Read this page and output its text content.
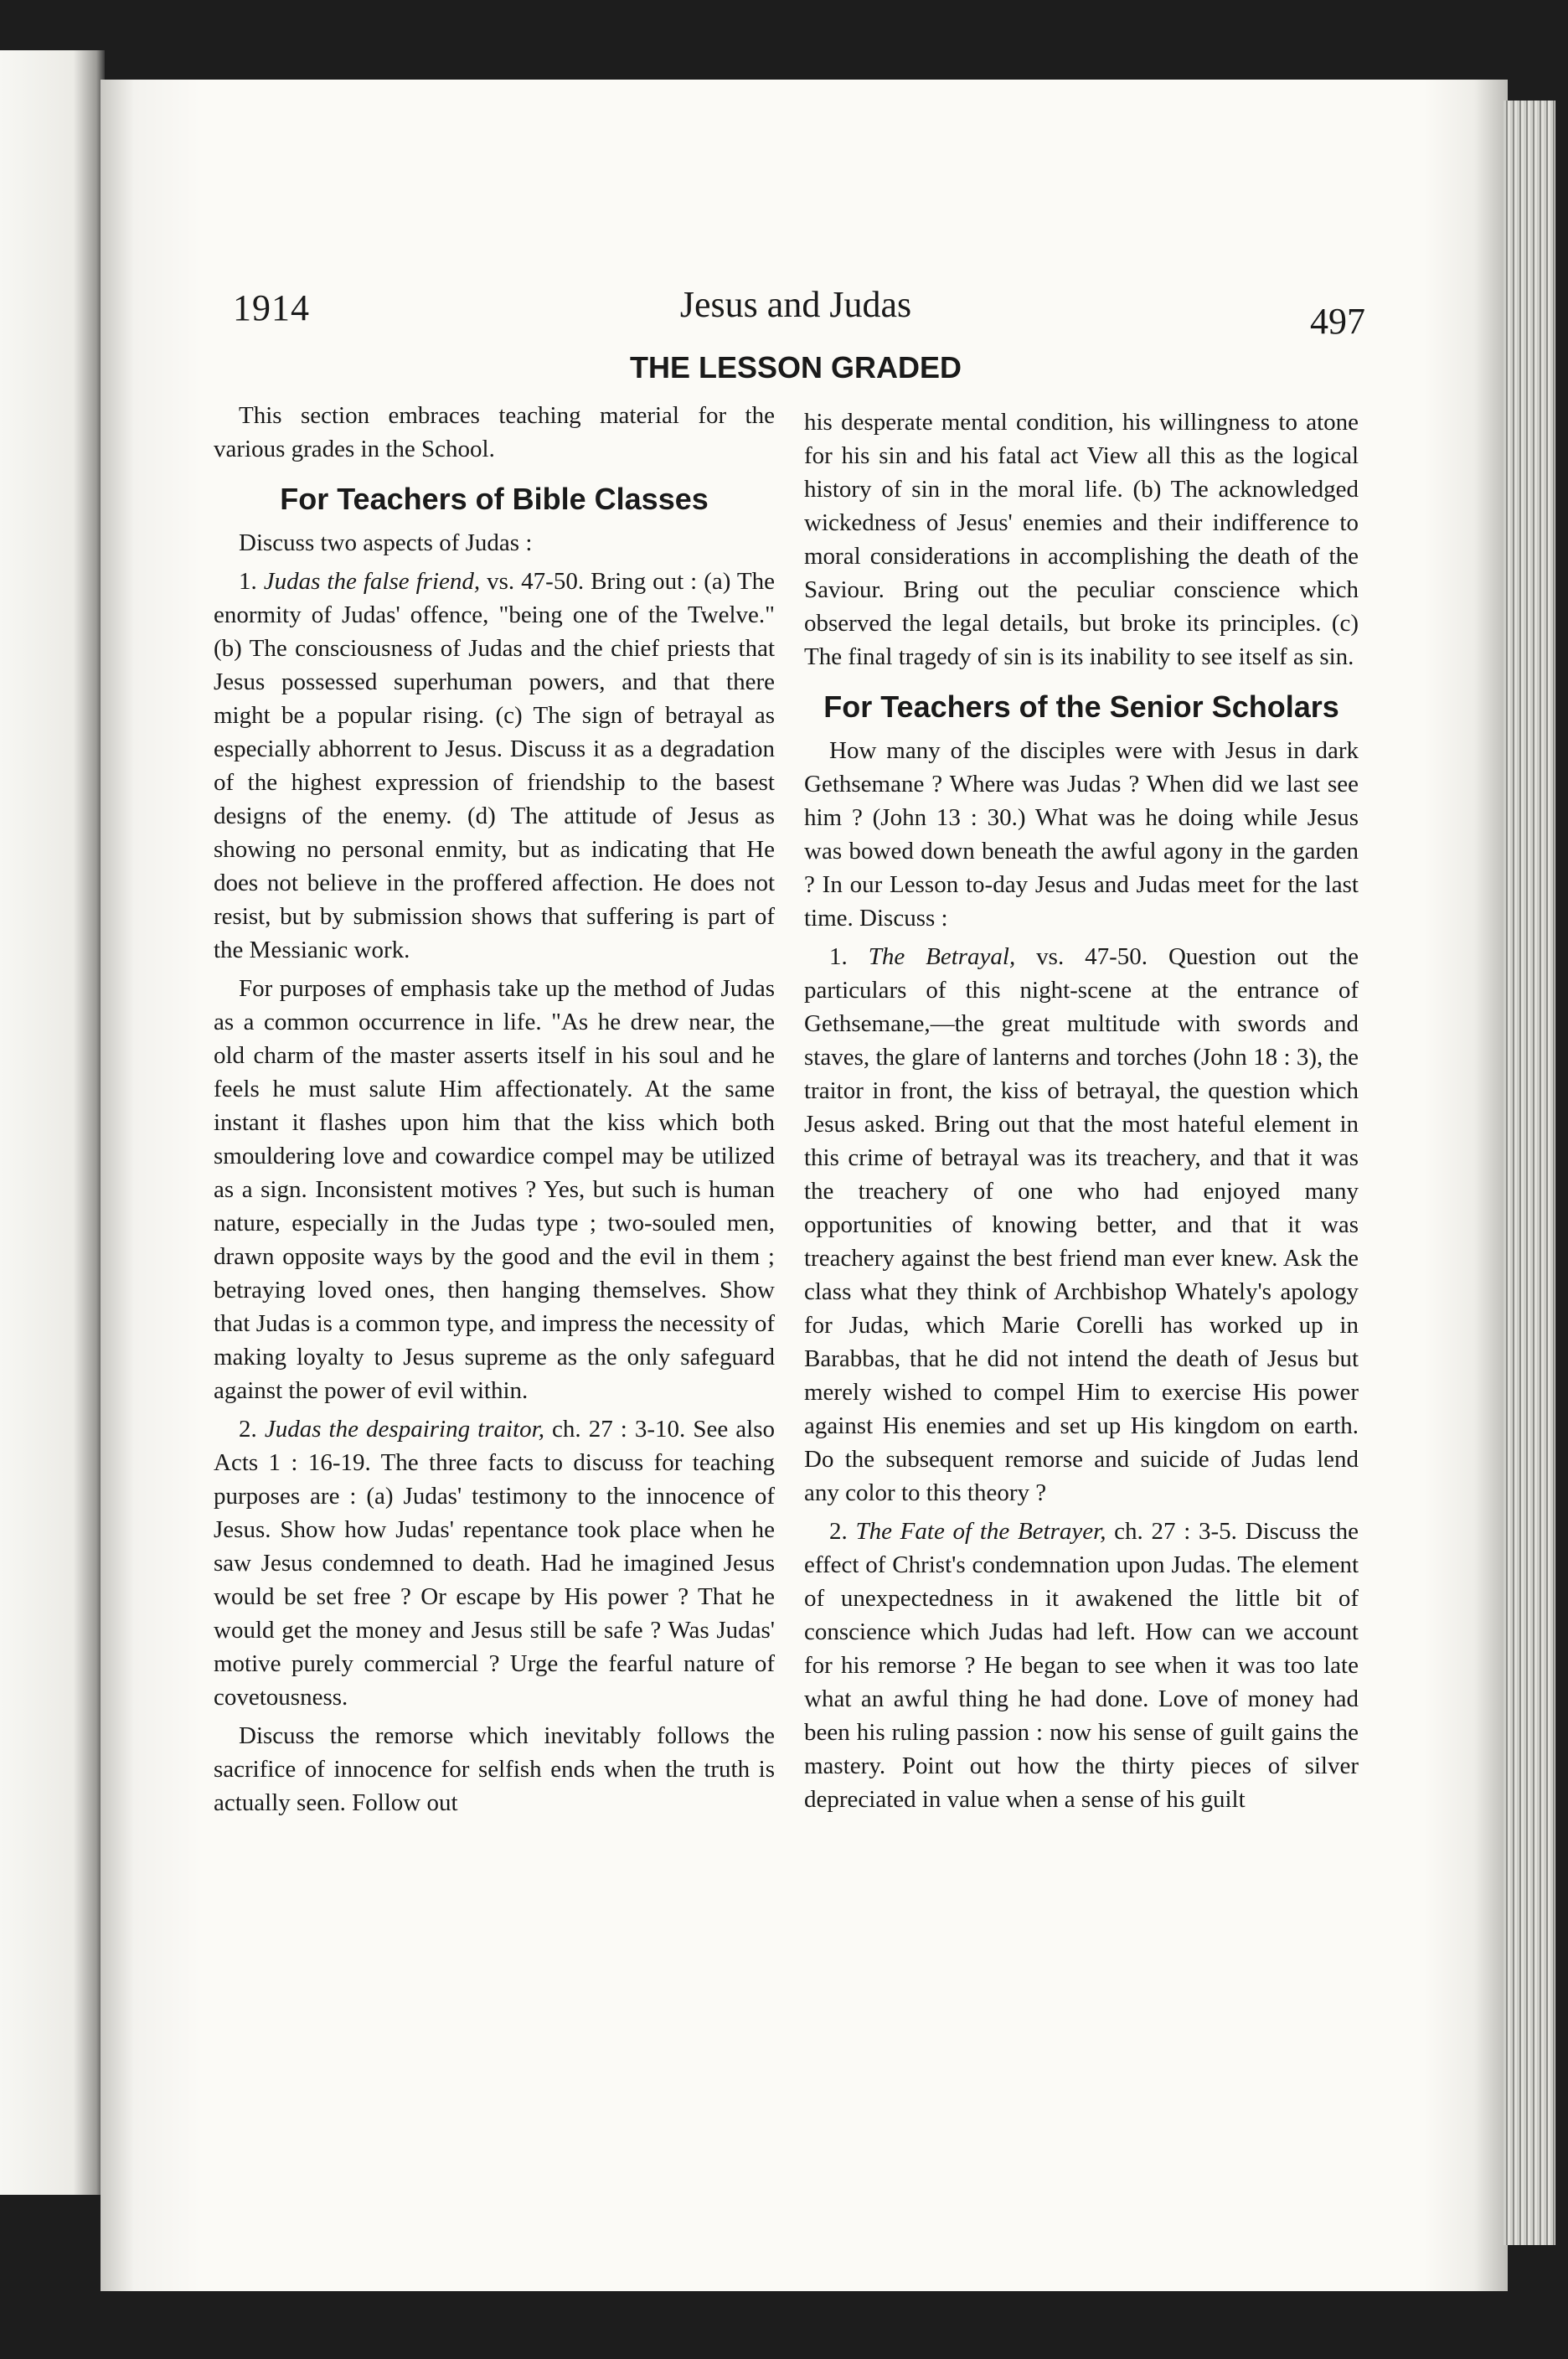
1914	Jesus and Judas	497
THE LESSON GRADED

This section embraces teaching material for the various grades in the School.

For Teachers of Bible Classes

Discuss two aspects of Judas :

1. Judas the false friend, vs. 47-50. Bring out : (a) The enormity of Judas' offence, "being one of the Twelve." (b) The consciousness of Judas and the chief priests that Jesus possessed superhuman powers, and that there might be a popular rising. (c) The sign of betrayal as especially abhorrent to Jesus. Discuss it as a degradation of the highest expression of friendship to the basest designs of the enemy. (d) The attitude of Jesus as showing no personal enmity, but as indicating that He does not believe in the proffered affection. He does not resist, but by submission shows that suffering is part of the Messianic work.

For purposes of emphasis take up the method of Judas as a common occurrence in life. "As he drew near, the old charm of the master asserts itself in his soul and he feels he must salute Him affectionately. At the same instant it flashes upon him that the kiss which both smouldering love and cowardice compel may be utilized as a sign. Inconsistent motives ? Yes, but such is human nature, especially in the Judas type ; two-souled men, drawn opposite ways by the good and the evil in them ; betraying loved ones, then hanging themselves. Show that Judas is a common type, and impress the necessity of making loyalty to Jesus supreme as the only safeguard against the power of evil within.

2. Judas the despairing traitor, ch. 27 : 3-10. See also Acts 1 : 16-19. The three facts to discuss for teaching purposes are : (a) Judas' testimony to the innocence of Jesus. Show how Judas' repentance took place when he saw Jesus condemned to death. Had he imagined Jesus would be set free ? Or escape by His power ? That he would get the money and Jesus still be safe ? Was Judas' motive purely commercial ? Urge the fearful nature of covetousness.

Discuss the remorse which inevitably follows the sacrifice of innocence for selfish ends when the truth is actually seen. Follow out

his desperate mental condition, his willingness to atone for his sin and his fatal act View all this as the logical history of sin in the moral life. (b) The acknowledged wickedness of Jesus' enemies and their indifference to moral considerations in accomplishing the death of the Saviour. Bring out the peculiar conscience which observed the legal details, but broke its principles. (c) The final tragedy of sin is its inability to see itself as sin.

For Teachers of the Senior Scholars

How many of the disciples were with Jesus in dark Gethsemane ? Where was Judas ? When did we last see him ? (John 13 : 30.) What was he doing while Jesus was bowed down beneath the awful agony in the garden ? In our Lesson to-day Jesus and Judas meet for the last time. Discuss :

1. The Betrayal, vs. 47-50. Question out the particulars of this night-scene at the entrance of Gethsemane,—the great multitude with swords and staves, the glare of lanterns and torches (John 18 : 3), the traitor in front, the kiss of betrayal, the question which Jesus asked. Bring out that the most hateful element in this crime of betrayal was its treachery, and that it was the treachery of one who had enjoyed many opportunities of knowing better, and that it was treachery against the best friend man ever knew. Ask the class what they think of Archbishop Whately's apology for Judas, which Marie Corelli has worked up in Barabbas, that he did not intend the death of Jesus but merely wished to compel Him to exercise His power against His enemies and set up His kingdom on earth. Do the subsequent remorse and suicide of Judas lend any color to this theory ?

2. The Fate of the Betrayer, ch. 27 : 3-5. Discuss the effect of Christ's condemnation upon Judas. The element of unexpectedness in it awakened the little bit of conscience which Judas had left. How can we account for his remorse ? He began to see when it was too late what an awful thing he had done. Love of money had been his ruling passion : now his sense of guilt gains the mastery. Point out how the thirty pieces of silver depreciated in value when a sense of his guilt
